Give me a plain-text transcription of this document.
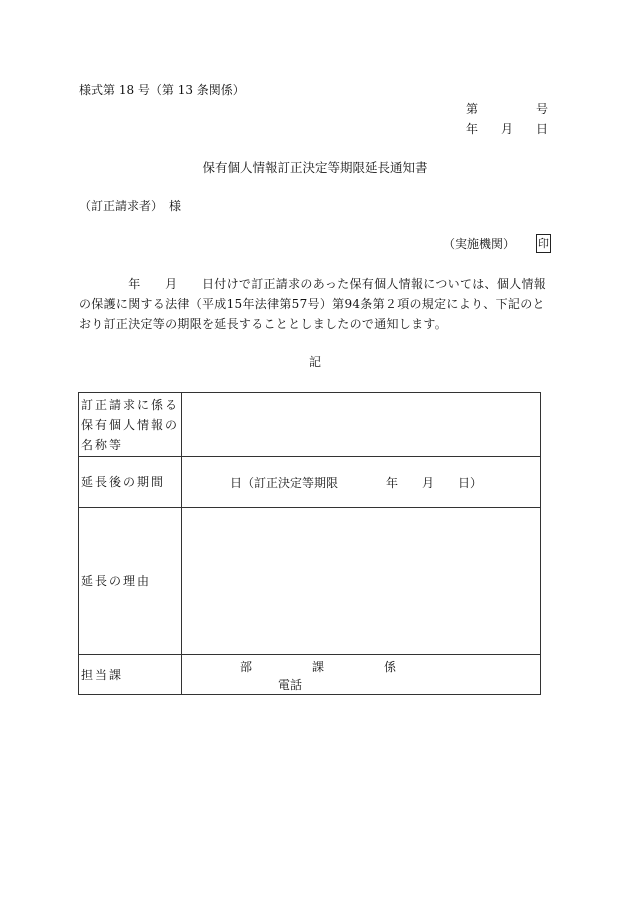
様式第 18 号（第 13 条関係）
第	号
年 月 日
保有個人情報訂正決定等期限延長通知書
（訂正請求者）　様
（実施機関） 印
　　　　年　　月　　日付けで訂正請求のあった保有個人情報については、個人情報の保護に関する法律（平成15年法律第57号）第94条第２項の規定により、下記のとおり訂正決定等の期限を延長することとしましたので通知します。
記
訂正請求に係る保有個人情報の名称等	
延長後の期間	日（訂正決定等期限　　　　年　　月　　日）
延長の理由	
担当課	部　　　　　課　　　　　係
電話
